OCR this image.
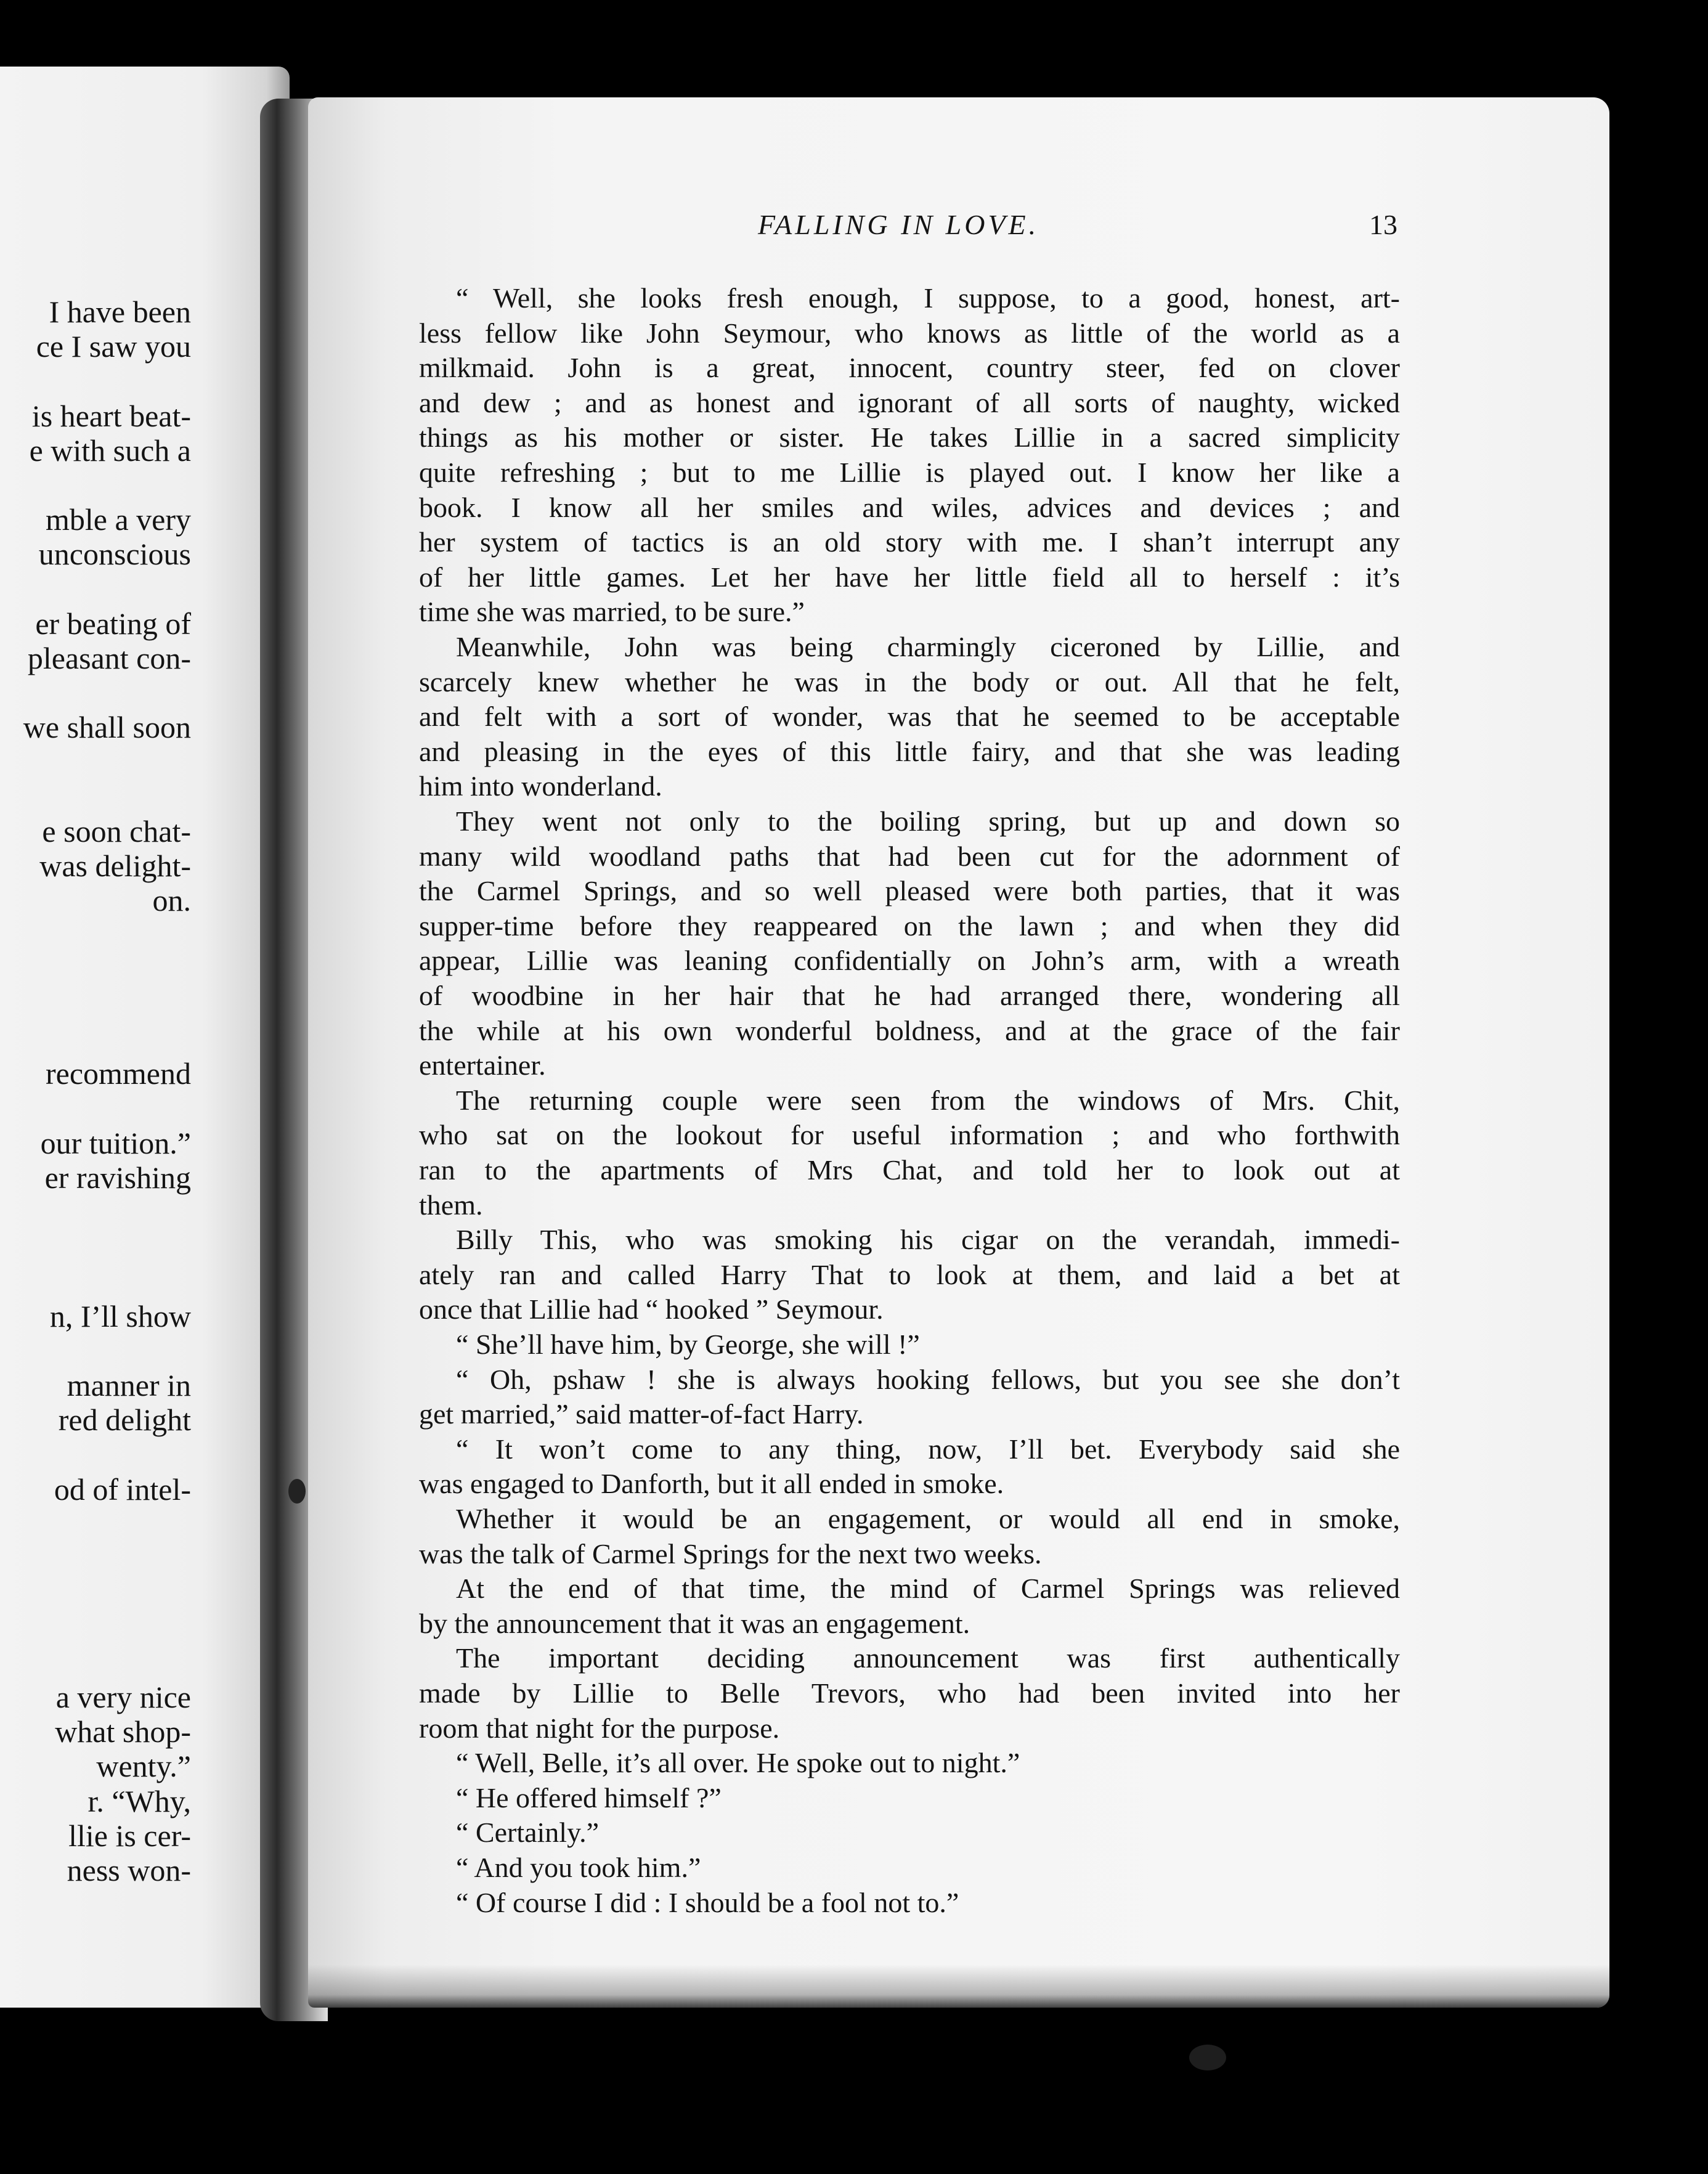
I have been
ce I saw you
is heart beat-
e with such a
mble a very
unconscious
er beating of
pleasant con-
we shall soon
e soon chat-
was delight-
on.
recommend
our tuition.”
er ravishing
n, I’ll show
manner in
red delight
od of intel-
a very nice
what shop-
wenty.”
r. “Why,
llie is cer-
ness won-
FALLING IN LOVE.	13
“ Well, she looks fresh enough, I suppose, to a good, honest, art-
less fellow like John Seymour, who knows as little of the world as a
milkmaid. John is a great, innocent, country steer, fed on clover
and dew ; and as honest and ignorant of all sorts of naughty, wicked
things as his mother or sister. He takes Lillie in a sacred simplicity
quite refreshing ; but to me Lillie is played out. I know her like a
book. I know all her smiles and wiles, advices and devices ; and
her system of tactics is an old story with me. I shan’t interrupt any
of her little games. Let her have her little field all to herself : it’s
time she was married, to be sure.”
Meanwhile, John was being charmingly ciceroned by Lillie, and
scarcely knew whether he was in the body or out. All that he felt,
and felt with a sort of wonder, was that he seemed to be acceptable
and pleasing in the eyes of this little fairy, and that she was leading
him into wonderland.
They went not only to the boiling spring, but up and down so
many wild woodland paths that had been cut for the adornment of
the Carmel Springs, and so well pleased were both parties, that it was
supper-time before they reappeared on the lawn ; and when they did
appear, Lillie was leaning confidentially on John’s arm, with a wreath
of woodbine in her hair that he had arranged there, wondering all
the while at his own wonderful boldness, and at the grace of the fair
entertainer.
The returning couple were seen from the windows of Mrs. Chit,
who sat on the lookout for useful information ; and who forthwith
ran to the apartments of Mrs Chat, and told her to look out at
them.
Billy This, who was smoking his cigar on the verandah, immedi-
ately ran and called Harry That to look at them, and laid a bet at
once that Lillie had “ hooked ” Seymour.
“ She’ll have him, by George, she will !”
“ Oh, pshaw ! she is always hooking fellows, but you see she don’t
get married,” said matter-of-fact Harry.
“ It won’t come to any thing, now, I’ll bet. Everybody said she
was engaged to Danforth, but it all ended in smoke.
Whether it would be an engagement, or would all end in smoke,
was the talk of Carmel Springs for the next two weeks.
At the end of that time, the mind of Carmel Springs was relieved
by the announcement that it was an engagement.
The important deciding announcement was first authentically
made by Lillie to Belle Trevors, who had been invited into her
room that night for the purpose.
“ Well, Belle, it’s all over. He spoke out to night.”
“ He offered himself ?”
“ Certainly.”
“ And you took him.”
“ Of course I did : I should be a fool not to.”
